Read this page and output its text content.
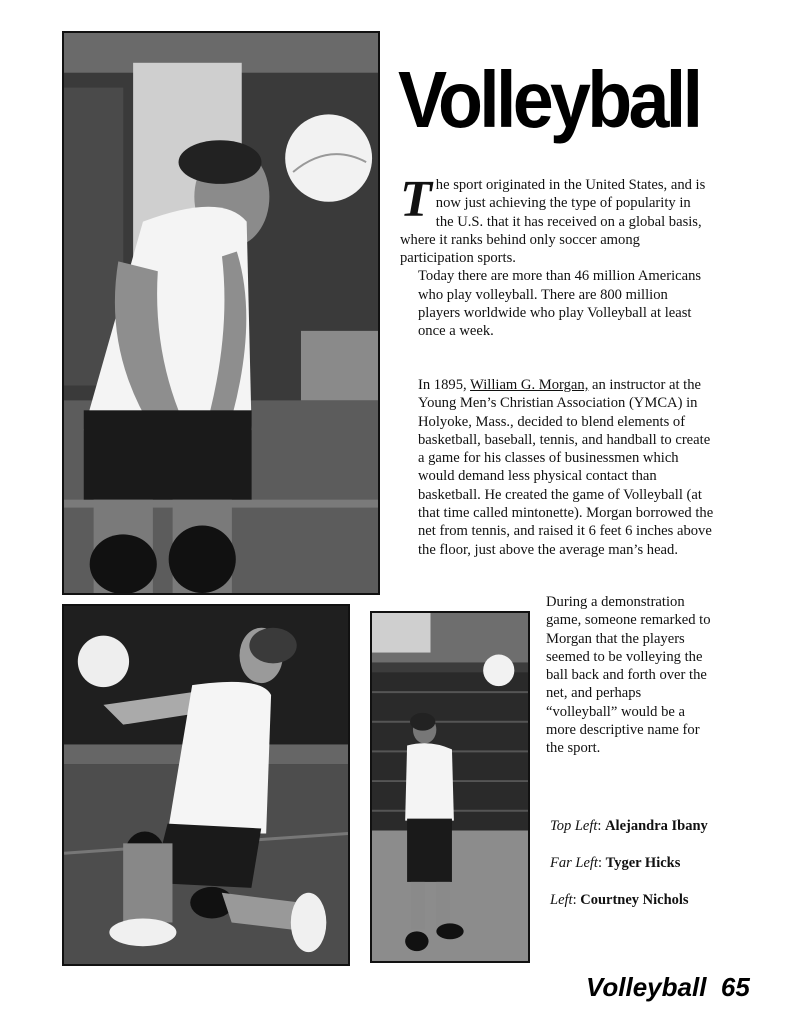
Volleyball
T he sport originated in the United States, and is now just achieving the type of popularity in the U.S. that it has received on a global basis, where it ranks behind only soccer among participation sports.
Today there are more than 46 million Americans who play volleyball. There are 800 million players worldwide who play Volleyball at least once a week.
In 1895, William G. Morgan, an instructor at the Young Men’s Christian Association (YMCA) in Holyoke, Mass., decided to blend elements of basketball, baseball, tennis, and handball to create a game for his classes of businessmen which would demand less physical contact than basketball. He created the game of Volleyball (at that time called mintonette). Morgan borrowed the net from tennis, and raised it 6 feet 6 inches above the floor, just above the average man’s head.
During a demonstration game, someone remarked to Morgan that the players seemed to be volleying the ball back and forth over the net, and perhaps “volleyball” would be a more descriptive name for the sport.
Top Left: Alejandra Ibany
Far Left: Tyger Hicks
Left: Courtney Nichols
Volleyball 65
